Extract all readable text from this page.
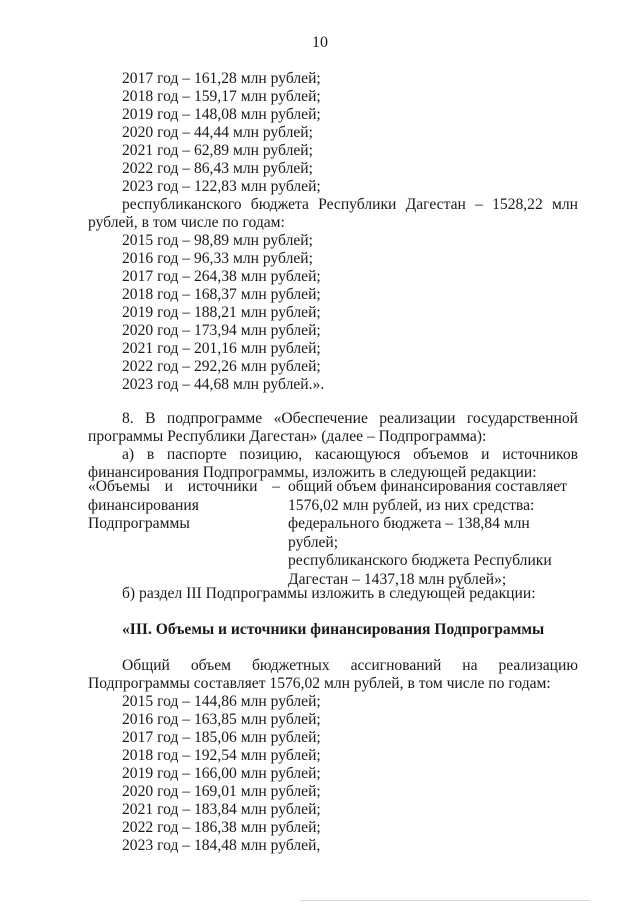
10
2017 год – 161,28 млн рублей;
2018 год – 159,17 млн рублей;
2019 год – 148,08 млн рублей;
2020 год – 44,44 млн рублей;
2021 год – 62,89 млн рублей;
2022 год – 86,43 млн рублей;
2023 год – 122,83 млн рублей;
республиканского бюджета Республики Дагестан – 1528,22 млн
рублей, в том числе по годам:
2015 год – 98,89 млн рублей;
2016 год – 96,33 млн рублей;
2017 год – 264,38 млн рублей;
2018 год – 168,37 млн рублей;
2019 год – 188,21 млн рублей;
2020 год – 173,94 млн рублей;
2021 год – 201,16 млн рублей;
2022 год – 292,26 млн рублей;
2023 год – 44,68 млн рублей.».
8. В подпрограмме «Обеспечение реализации государственной
программы Республики Дагестан» (далее – Подпрограмма):
а) в паспорте позицию, касающуюся объемов и источников
финансирования Подпрограммы, изложить в следующей редакции:
«Объемы и источники –
финансирования
Подпрограммы
общий объем финансирования составляет
1576,02 млн рублей, из них средства:
федерального бюджета – 138,84 млн
рублей;
республиканского бюджета Республики
Дагестан – 1437,18 млн рублей»;
б) раздел III Подпрограммы изложить в следующей редакции:
«III. Объемы и источники финансирования Подпрограммы
Общий объем бюджетных ассигнований на реализацию
Подпрограммы составляет 1576,02 млн рублей, в том числе по годам:
2015 год – 144,86 млн рублей;
2016 год – 163,85 млн рублей;
2017 год – 185,06 млн рублей;
2018 год – 192,54 млн рублей;
2019 год – 166,00 млн рублей;
2020 год – 169,01 млн рублей;
2021 год – 183,84 млн рублей;
2022 год – 186,38 млн рублей;
2023 год – 184,48 млн рублей,
